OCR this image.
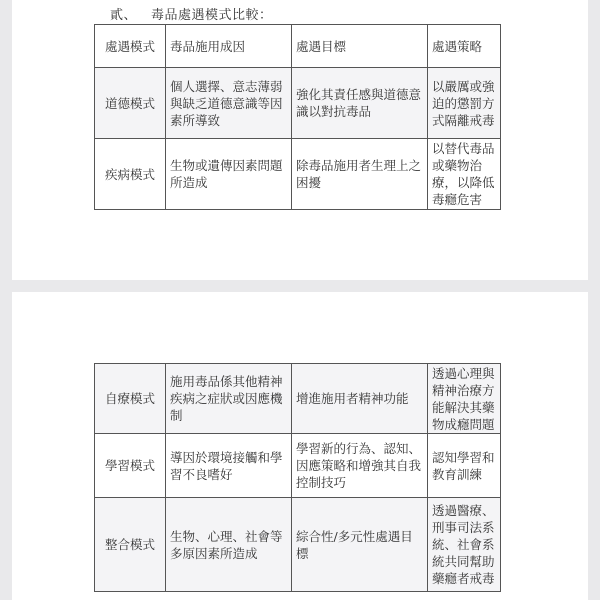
貳、 毒品處遇模式比較：
處遇模式	毒品施用成因	處遇目標	處遇策略
道德模式	個人選擇、意志薄弱與缺乏道德意識等因素所導致	強化其責任感與道德意識以對抗毒品	以嚴厲或強迫的懲罰方式隔離戒毒
疾病模式	生物或遺傳因素問題所造成	除毒品施用者生理上之困擾	以替代毒品或藥物治療，以降低毒癮危害
自療模式	施用毒品係其他精神疾病之症狀或因應機制	增進施用者精神功能	透過心理與精神治療方能解決其藥物成癮問題
學習模式	導因於環境接觸和學習不良嗜好	學習新的行為、認知、因應策略和增強其自我控制技巧	認知學習和教育訓練
整合模式	生物、心理、社會等多原因素所造成	綜合性/多元性處遇目標	透過醫療、刑事司法系統、社會系統共同幫助藥癮者戒毒
